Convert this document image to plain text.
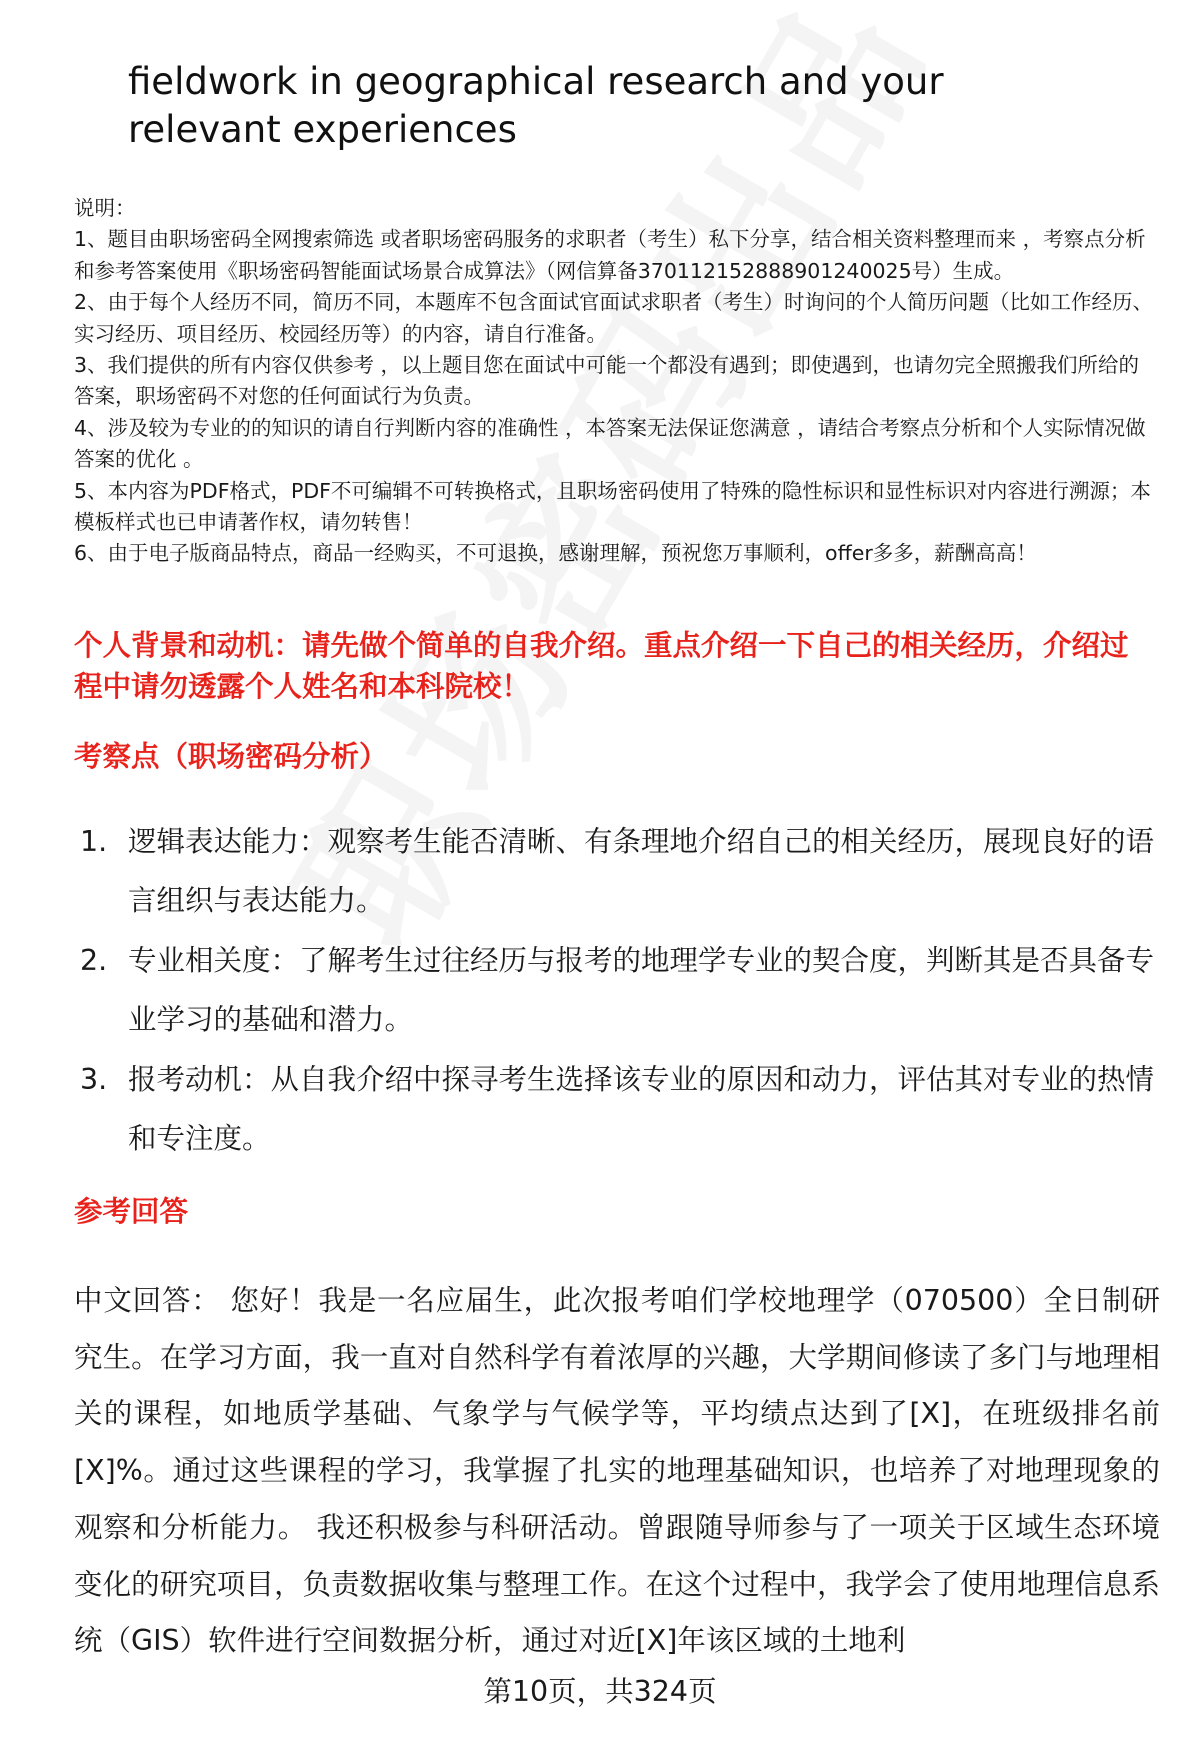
fieldwork in geographical research and your relevant experiences

说明：

1、题目由职场密码全网搜索筛选 或者职场密码服务的求职者（考生）私下分享，结合相关资料整理而来 ，考察点分析和参考答案使用《职场密码智能面试场景合成算法》（网信算备370112152888901240025号）生成。

2、由于每个人经历不同，简历不同，本题库不包含面试官面试求职者（考生）时询问的个人简历问题（比如工作经历、实习经历、项目经历、校园经历等）的内容，请自行准备。

3、我们提供的所有内容仅供参考 ，以上题目您在面试中可能一个都没有遇到；即使遇到，也请勿完全照搬我们所给的答案，职场密码不对您的任何面试行为负责。

4、涉及较为专业的的知识的请自行判断内容的准确性 ，本答案无法保证您满意 ，请结合考察点分析和个人实际情况做答案的优化 。

5、本内容为PDF格式，PDF不可编辑不可转换格式，且职场密码使用了特殊的隐性标识和显性标识对内容进行溯源；本模板样式也已申请著作权，请勿转售！

6、由于电子版商品特点，商品一经购买，不可退换，感谢理解，预祝您万事顺利，offer多多，薪酬高高！

个人背景和动机：请先做个简单的自我介绍。重点介绍一下自己的相关经历，介绍过程中请勿透露个人姓名和本科院校！
考察点（职场密码分析）
1. 逻辑表达能力：观察考生能否清晰、有条理地介绍自己的相关经历，展现良好的语言组织与表达能力。
2. 专业相关度：了解考生过往经历与报考的地理学专业的契合度，判断其是否具备专业学习的基础和潜力。
3. 报考动机：从自我介绍中探寻考生选择该专业的原因和动力，评估其对专业的热情和专注度。
参考回答
中文回答： 您好！我是一名应届生，此次报考咱们学校地理学（070500）全日制研究生。在学习方面，我一直对自然科学有着浓厚的兴趣，大学期间修读了多门与地理相关的课程，如地质学基础、气象学与气候学等，平均绩点达到了[X]，在班级排名前[X]%。通过这些课程的学习，我掌握了扎实的地理基础知识，也培养了对地理现象的观察和分析能力。 我还积极参与科研活动。曾跟随导师参与了一项关于区域生态环境变化的研究项目，负责数据收集与整理工作。在这个过程中，我学会了使用地理信息系统（GIS）软件进行空间数据分析，通过对近[X]年该区域的土地利
第10页，共324页
